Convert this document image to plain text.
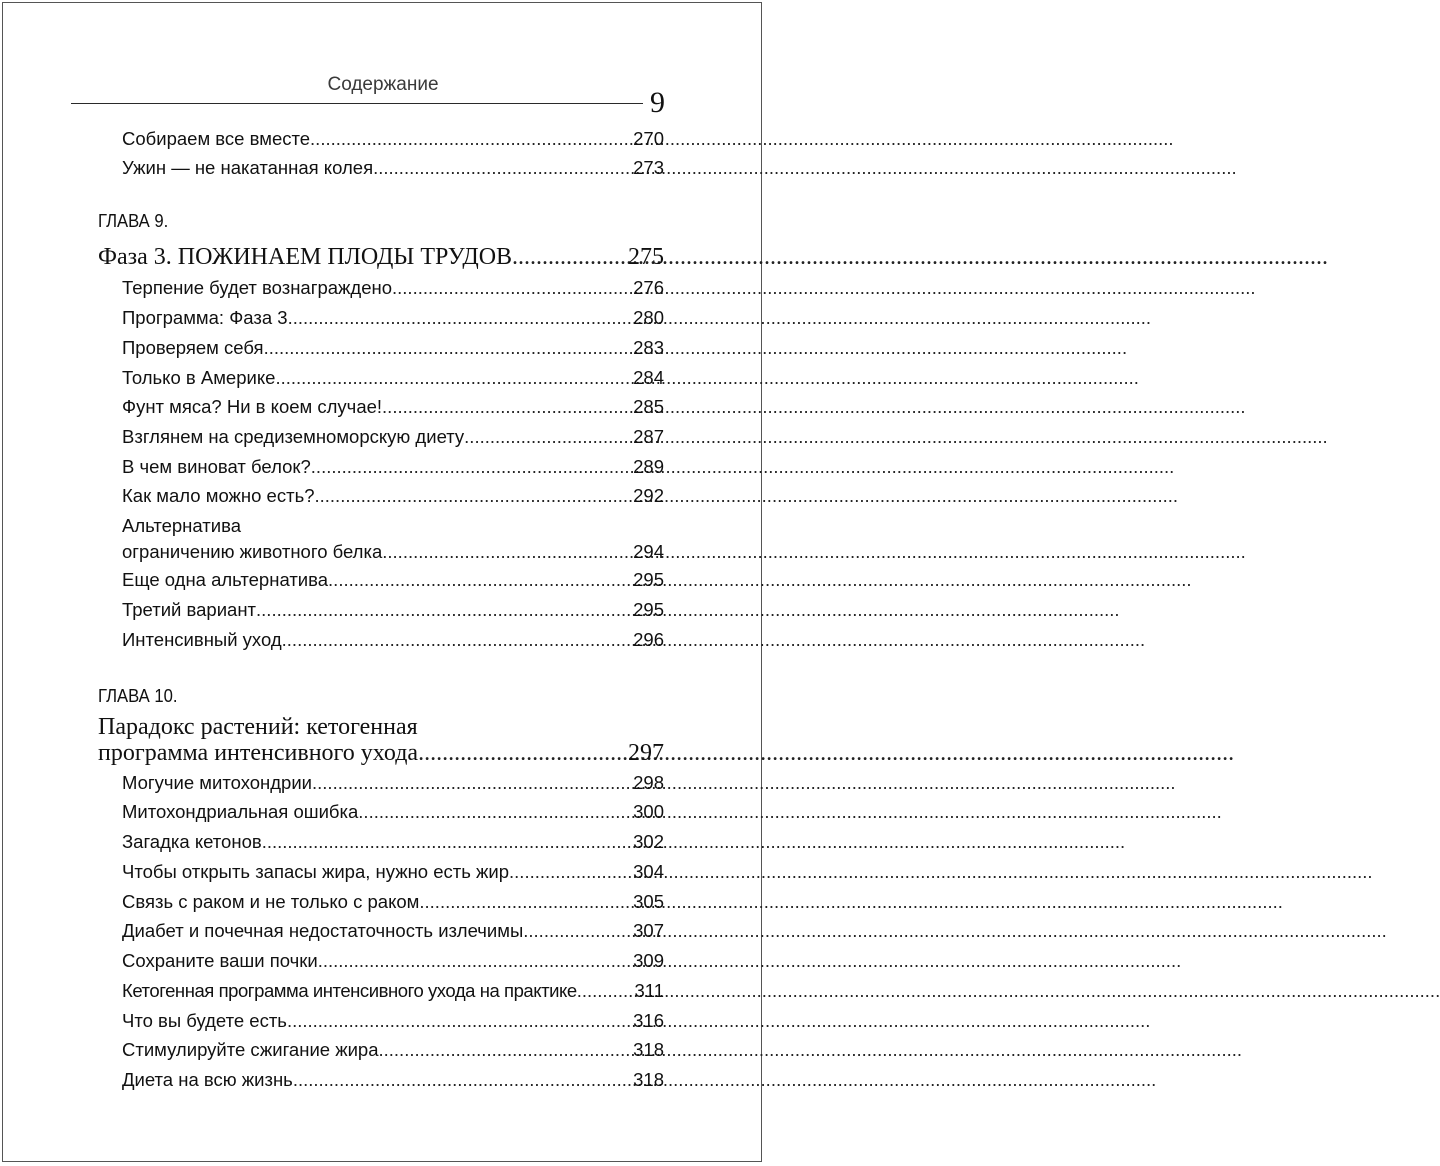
Содержание
9
Собираем все вместе .....	270
Ужин — не накатанная колея .....	273
ГЛАВА 9.
Фаза 3. ПОЖИНАЕМ ПЛОДЫ ТРУДОВ .....	275
Терпение будет вознаграждено .....	276
Программа: Фаза 3 .....	280
Проверяем себя .....	283
Только в Америке .....	284
Фунт мяса? Ни в коем случае! .....	285
Взглянем на средиземноморскую диету .....	287
В чем виноват белок? .....	289
Как мало можно есть? .....	292
Альтернатива
ограничению животного белка .....	294
Еще одна альтернатива .....	295
Третий вариант .....	295
Интенсивный уход .....	296
ГЛАВА 10.
Парадокс растений: кетогенная
программа интенсивного ухода .....	297
Могучие митохондрии .....	298
Митохондриальная ошибка .....	300
Загадка кетонов .....	302
Чтобы открыть запасы жира, нужно есть жир .....	304
Связь с раком и не только с раком .....	305
Диабет и почечная недостаточность излечимы .....	307
Сохраните ваши почки .....	309
Кетогенная программа интенсивного ухода на практике .....	311
Что вы будете есть .....	316
Стимулируйте сжигание жира .....	318
Диета на всю жизнь .....	318
